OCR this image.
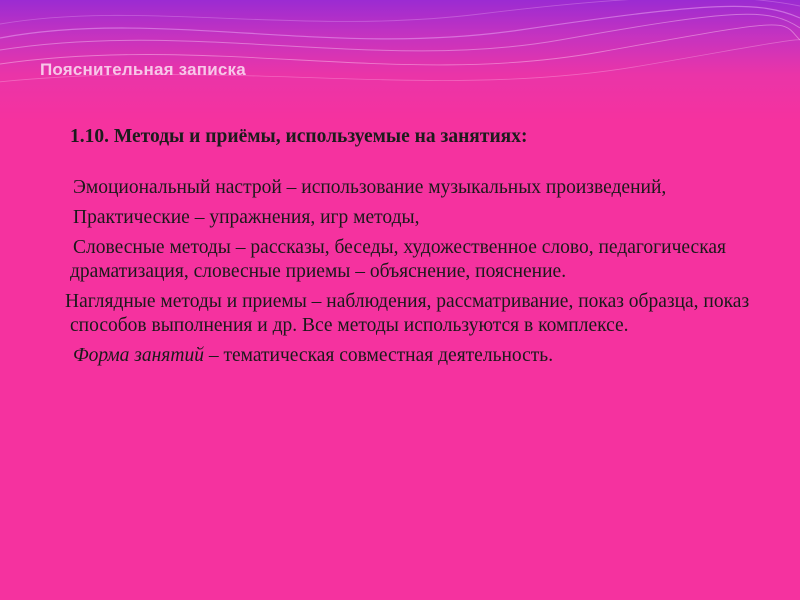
Пояснительная записка
1.10. Методы и приёмы, используемые на занятиях:

Эмоциональный настрой – использование музыкальных произведений,

Практические – упражнения, игр методы,

Словесные методы – рассказы, беседы, художественное слово, педагогическая драматизация, словесные приемы – объяснение, пояснение.

Наглядные методы и приемы – наблюдения, рассматривание, показ образца, показ способов выполнения и др. Все методы используются в комплексе.

Форма занятий – тематическая совместная деятельность.
